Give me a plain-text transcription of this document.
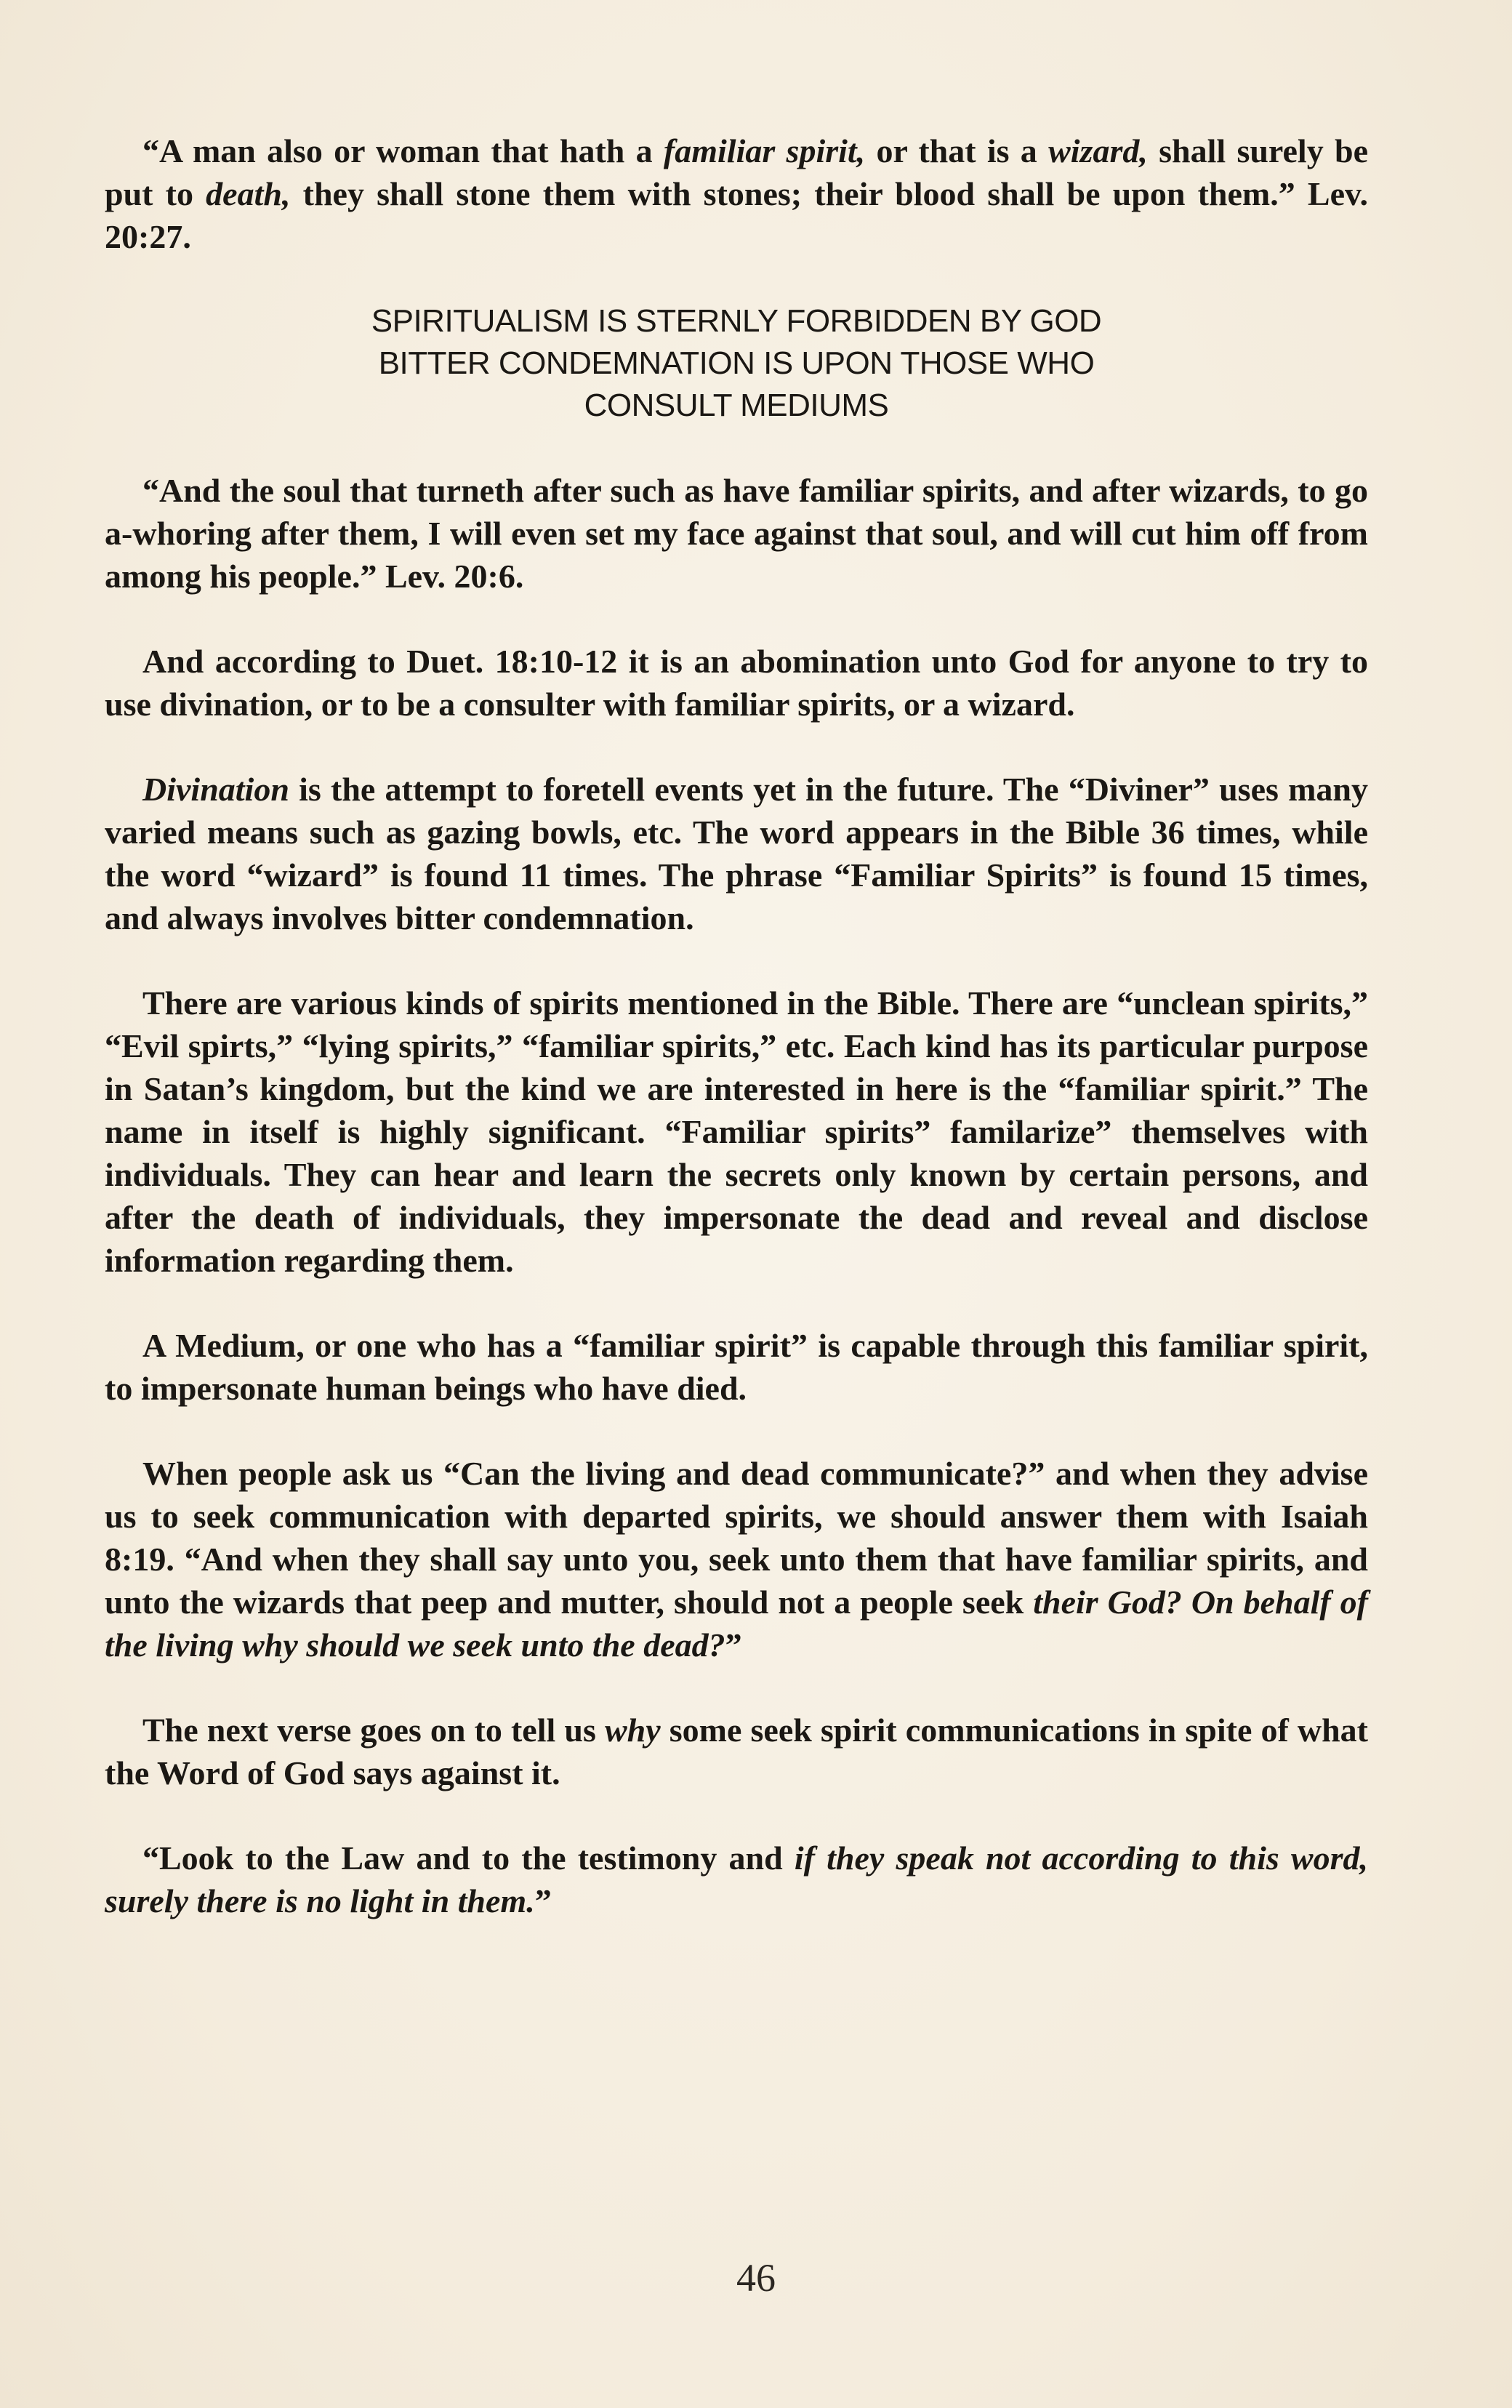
“A man also or woman that hath a familiar spirit, or that is a wizard, shall surely be put to death, they shall stone them with stones; their blood shall be upon them.” Lev. 20:27.

SPIRITUALISM IS STERNLY FORBIDDEN BY GOD
BITTER CONDEMNATION IS UPON THOSE WHO
CONSULT MEDIUMS

“And the soul that turneth after such as have familiar spirits, and after wizards, to go a-whoring after them, I will even set my face against that soul, and will cut him off from among his people.” Lev. 20:6.

And according to Duet. 18:10-12 it is an abomination unto God for anyone to try to use divination, or to be a consulter with familiar spirits, or a wizard.

Divination is the attempt to foretell events yet in the future. The “Diviner” uses many varied means such as gazing bowls, etc. The word appears in the Bible 36 times, while the word “wizard” is found 11 times. The phrase “Familiar Spirits” is found 15 times, and always involves bitter condemnation.

There are various kinds of spirits mentioned in the Bible. There are “unclean spirits,” “Evil spirts,” “lying spirits,” “familiar spirits,” etc. Each kind has its particular purpose in Satan’s kingdom, but the kind we are interested in here is the “familiar spirit.” The name in itself is highly significant. “Familiar spirits” familarize” themselves with individuals. They can hear and learn the secrets only known by certain persons, and after the death of individuals, they impersonate the dead and reveal and disclose information regarding them.

A Medium, or one who has a “familiar spirit” is capable through this familiar spirit, to impersonate human beings who have died.

When people ask us “Can the living and dead communicate?” and when they advise us to seek communication with departed spirits, we should answer them with Isaiah 8:19. “And when they shall say unto you, seek unto them that have familiar spirits, and unto the wizards that peep and mutter, should not a people seek their God? On behalf of the living why should we seek unto the dead?”

The next verse goes on to tell us why some seek spirit communications in spite of what the Word of God says against it.

“Look to the Law and to the testimony and if they speak not according to this word, surely there is no light in them.”

46
